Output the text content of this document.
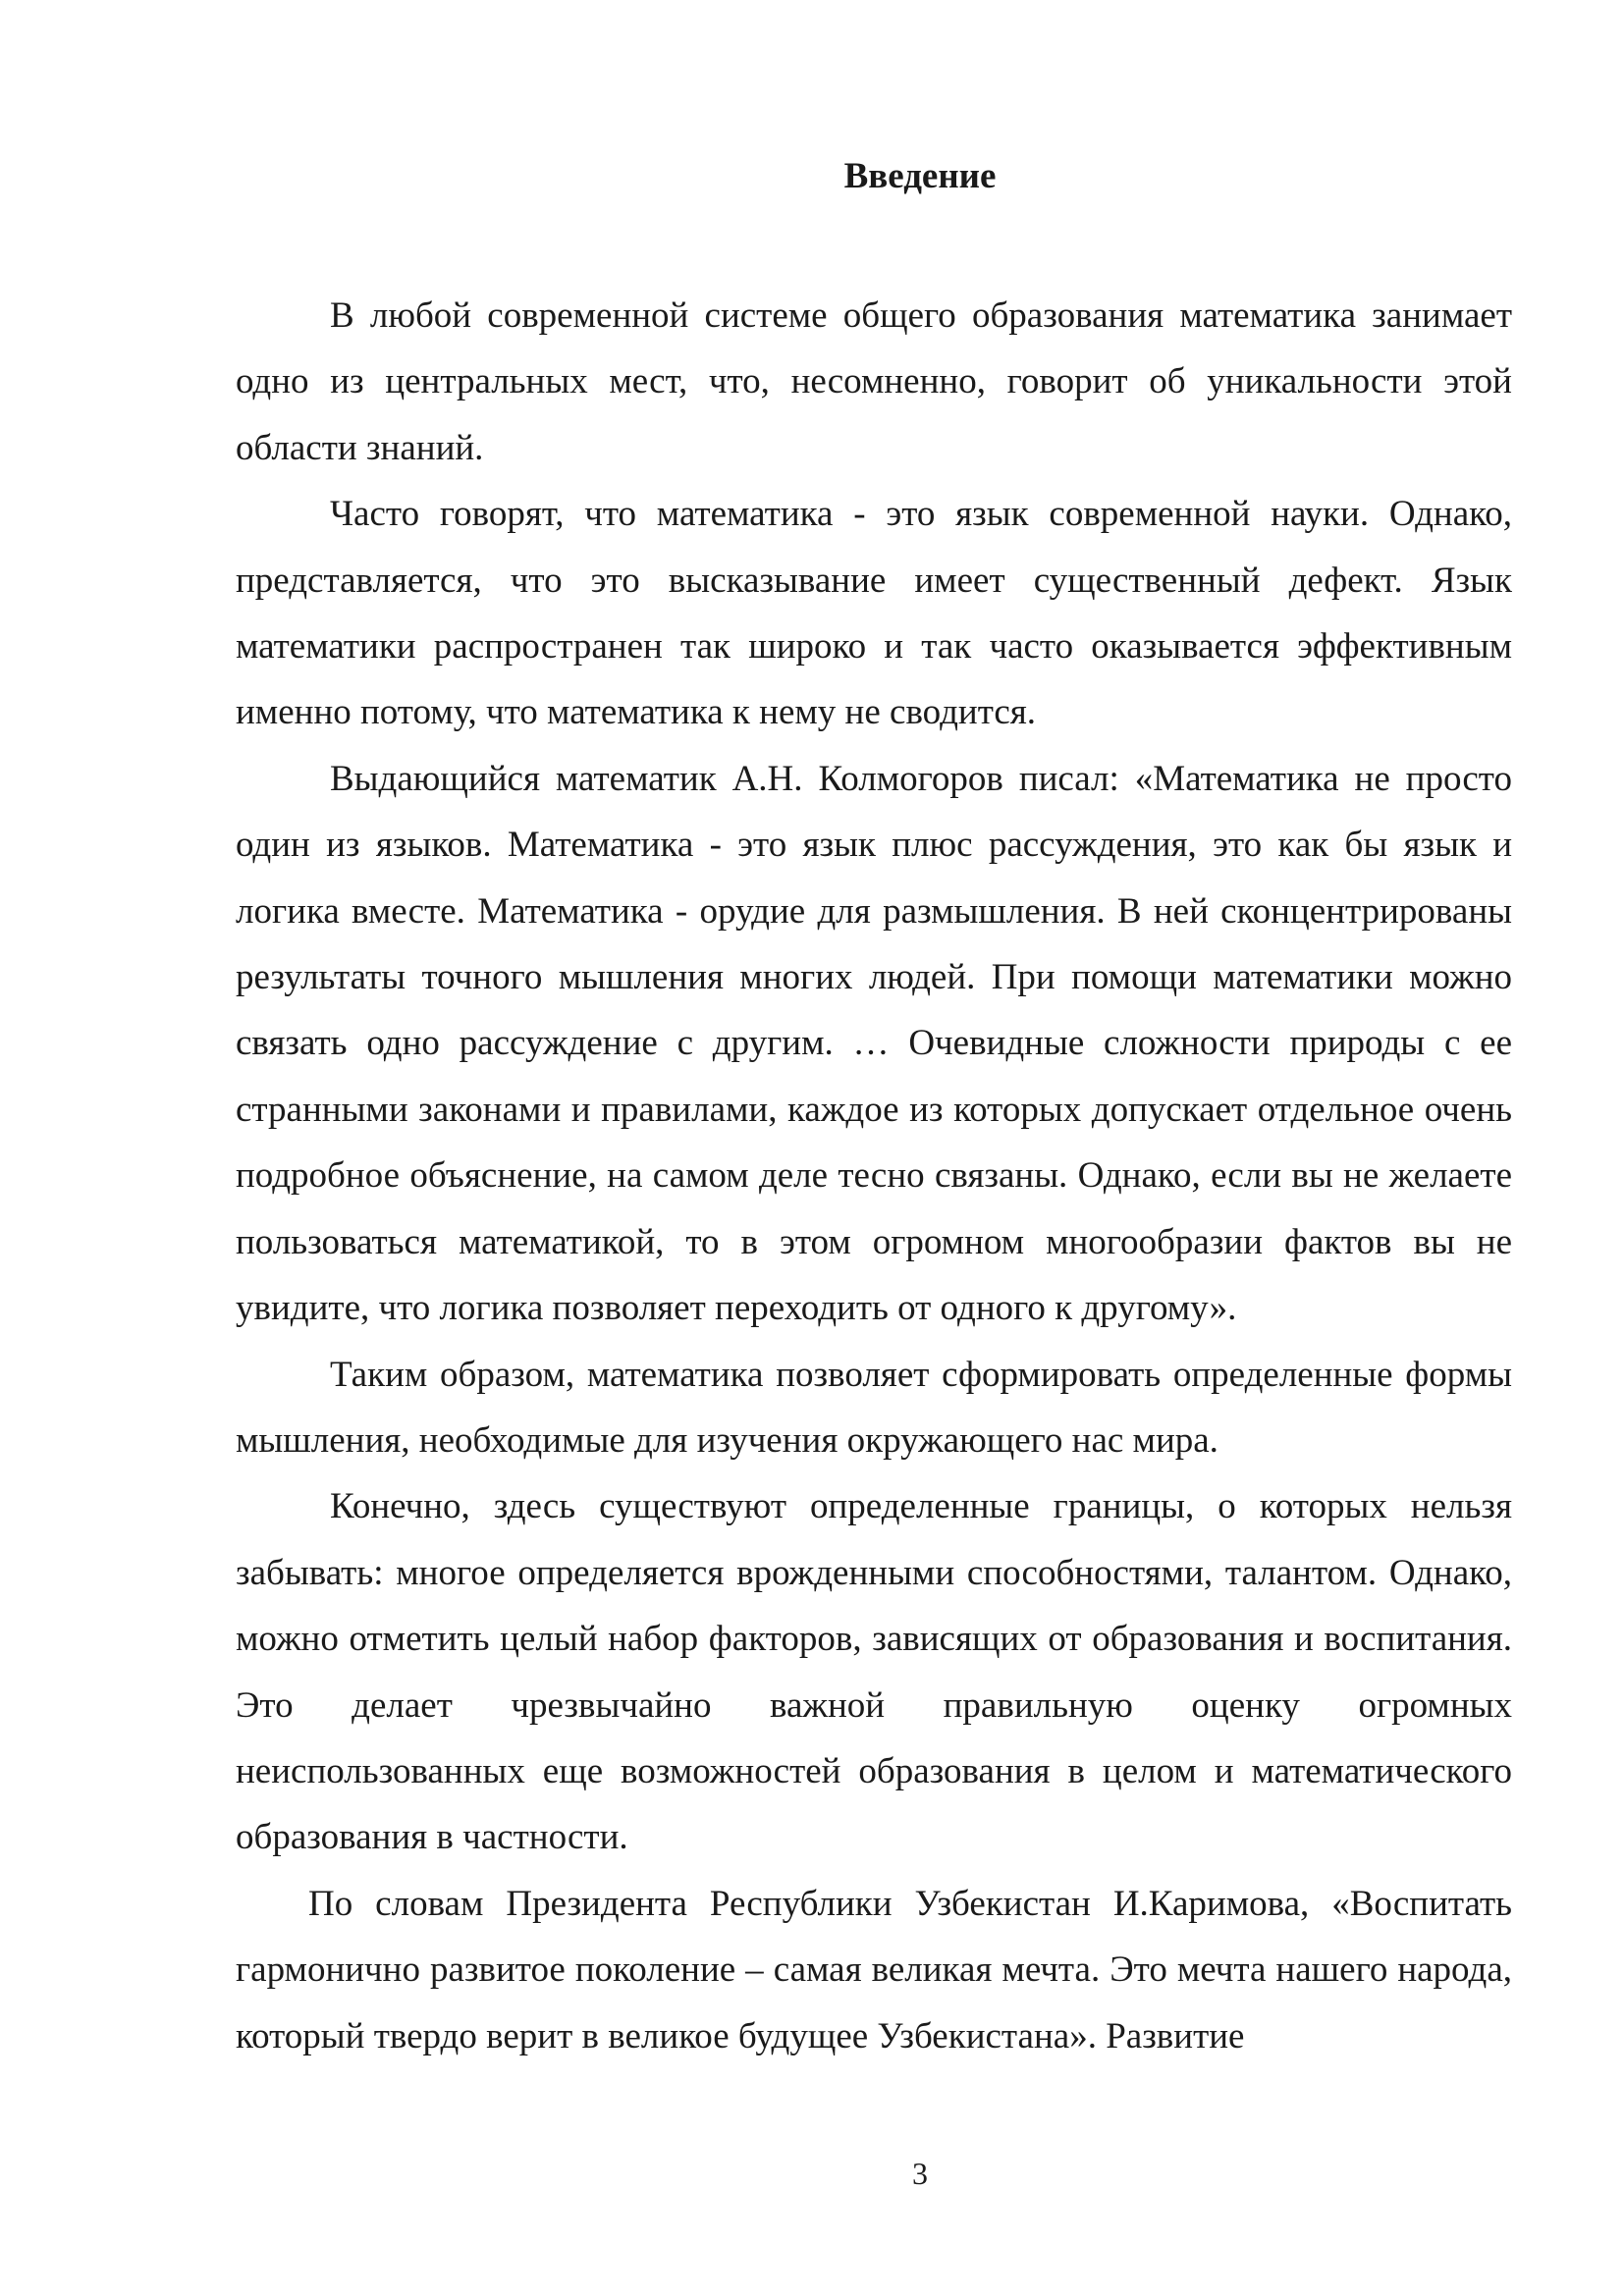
Введение

В любой современной системе общего образования математика занимает одно из центральных мест, что, несомненно, говорит об уникальности этой области знаний.

Часто говорят, что математика - это язык современной науки. Однако, представляется, что это высказывание имеет существенный дефект. Язык математики распространен так широко и так часто оказывается эффективным именно потому, что математика к нему не сводится.

Выдающийся математик А.Н. Колмогоров писал: «Математика не просто один из языков. Математика - это язык плюс рассуждения, это как бы язык и логика вместе. Математика - орудие для размышления. В ней сконцентрированы результаты точного мышления многих людей. При помощи математики можно связать одно рассуждение с другим. … Очевидные сложности природы с ее странными законами и правилами, каждое из которых допускает отдельное очень подробное объяснение, на самом деле тесно связаны. Однако, если вы не желаете пользоваться математикой, то в этом огромном многообразии фактов вы не увидите, что логика позволяет переходить от одного к другому».

Таким образом, математика позволяет сформировать определенные формы мышления, необходимые для изучения окружающего нас мира.

Конечно, здесь существуют определенные границы, о которых нельзя забывать: многое определяется врожденными способностями, талантом. Однако, можно отметить целый набор факторов, зависящих от образования и воспитания. Это делает чрезвычайно важной правильную оценку огромных неиспользованных еще возможностей образования в целом и математического образования в частности.

По словам Президента Республики Узбекистан И.Каримова, «Воспитать гармонично развитое поколение – самая великая мечта. Это мечта нашего народа, который твердо верит в великое будущее Узбекистана». Развитие

3
